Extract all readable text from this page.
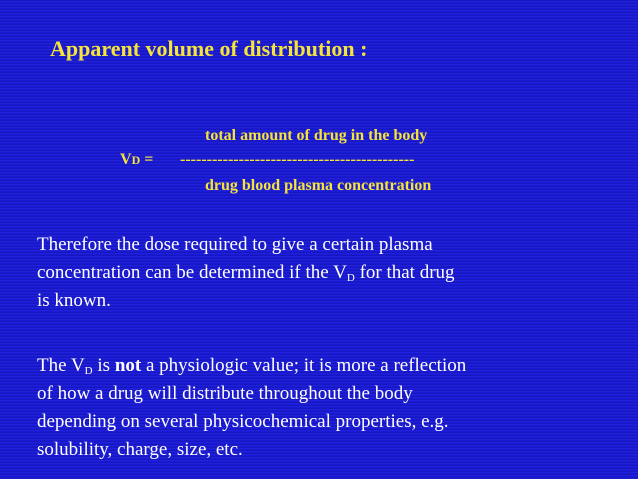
Apparent volume of distribution :
total amount of drug in the body
VD = --------------------------------------------
drug blood plasma concentration
Therefore the dose required to give a certain plasma
concentration can be determined if the $V_D$ for that drug
is known.
The $V_D$ is not a physiologic value; it is more a reflection
of how a drug will distribute throughout the body
depending on several physicochemical properties, e.g.
solubility, charge, size, etc.
